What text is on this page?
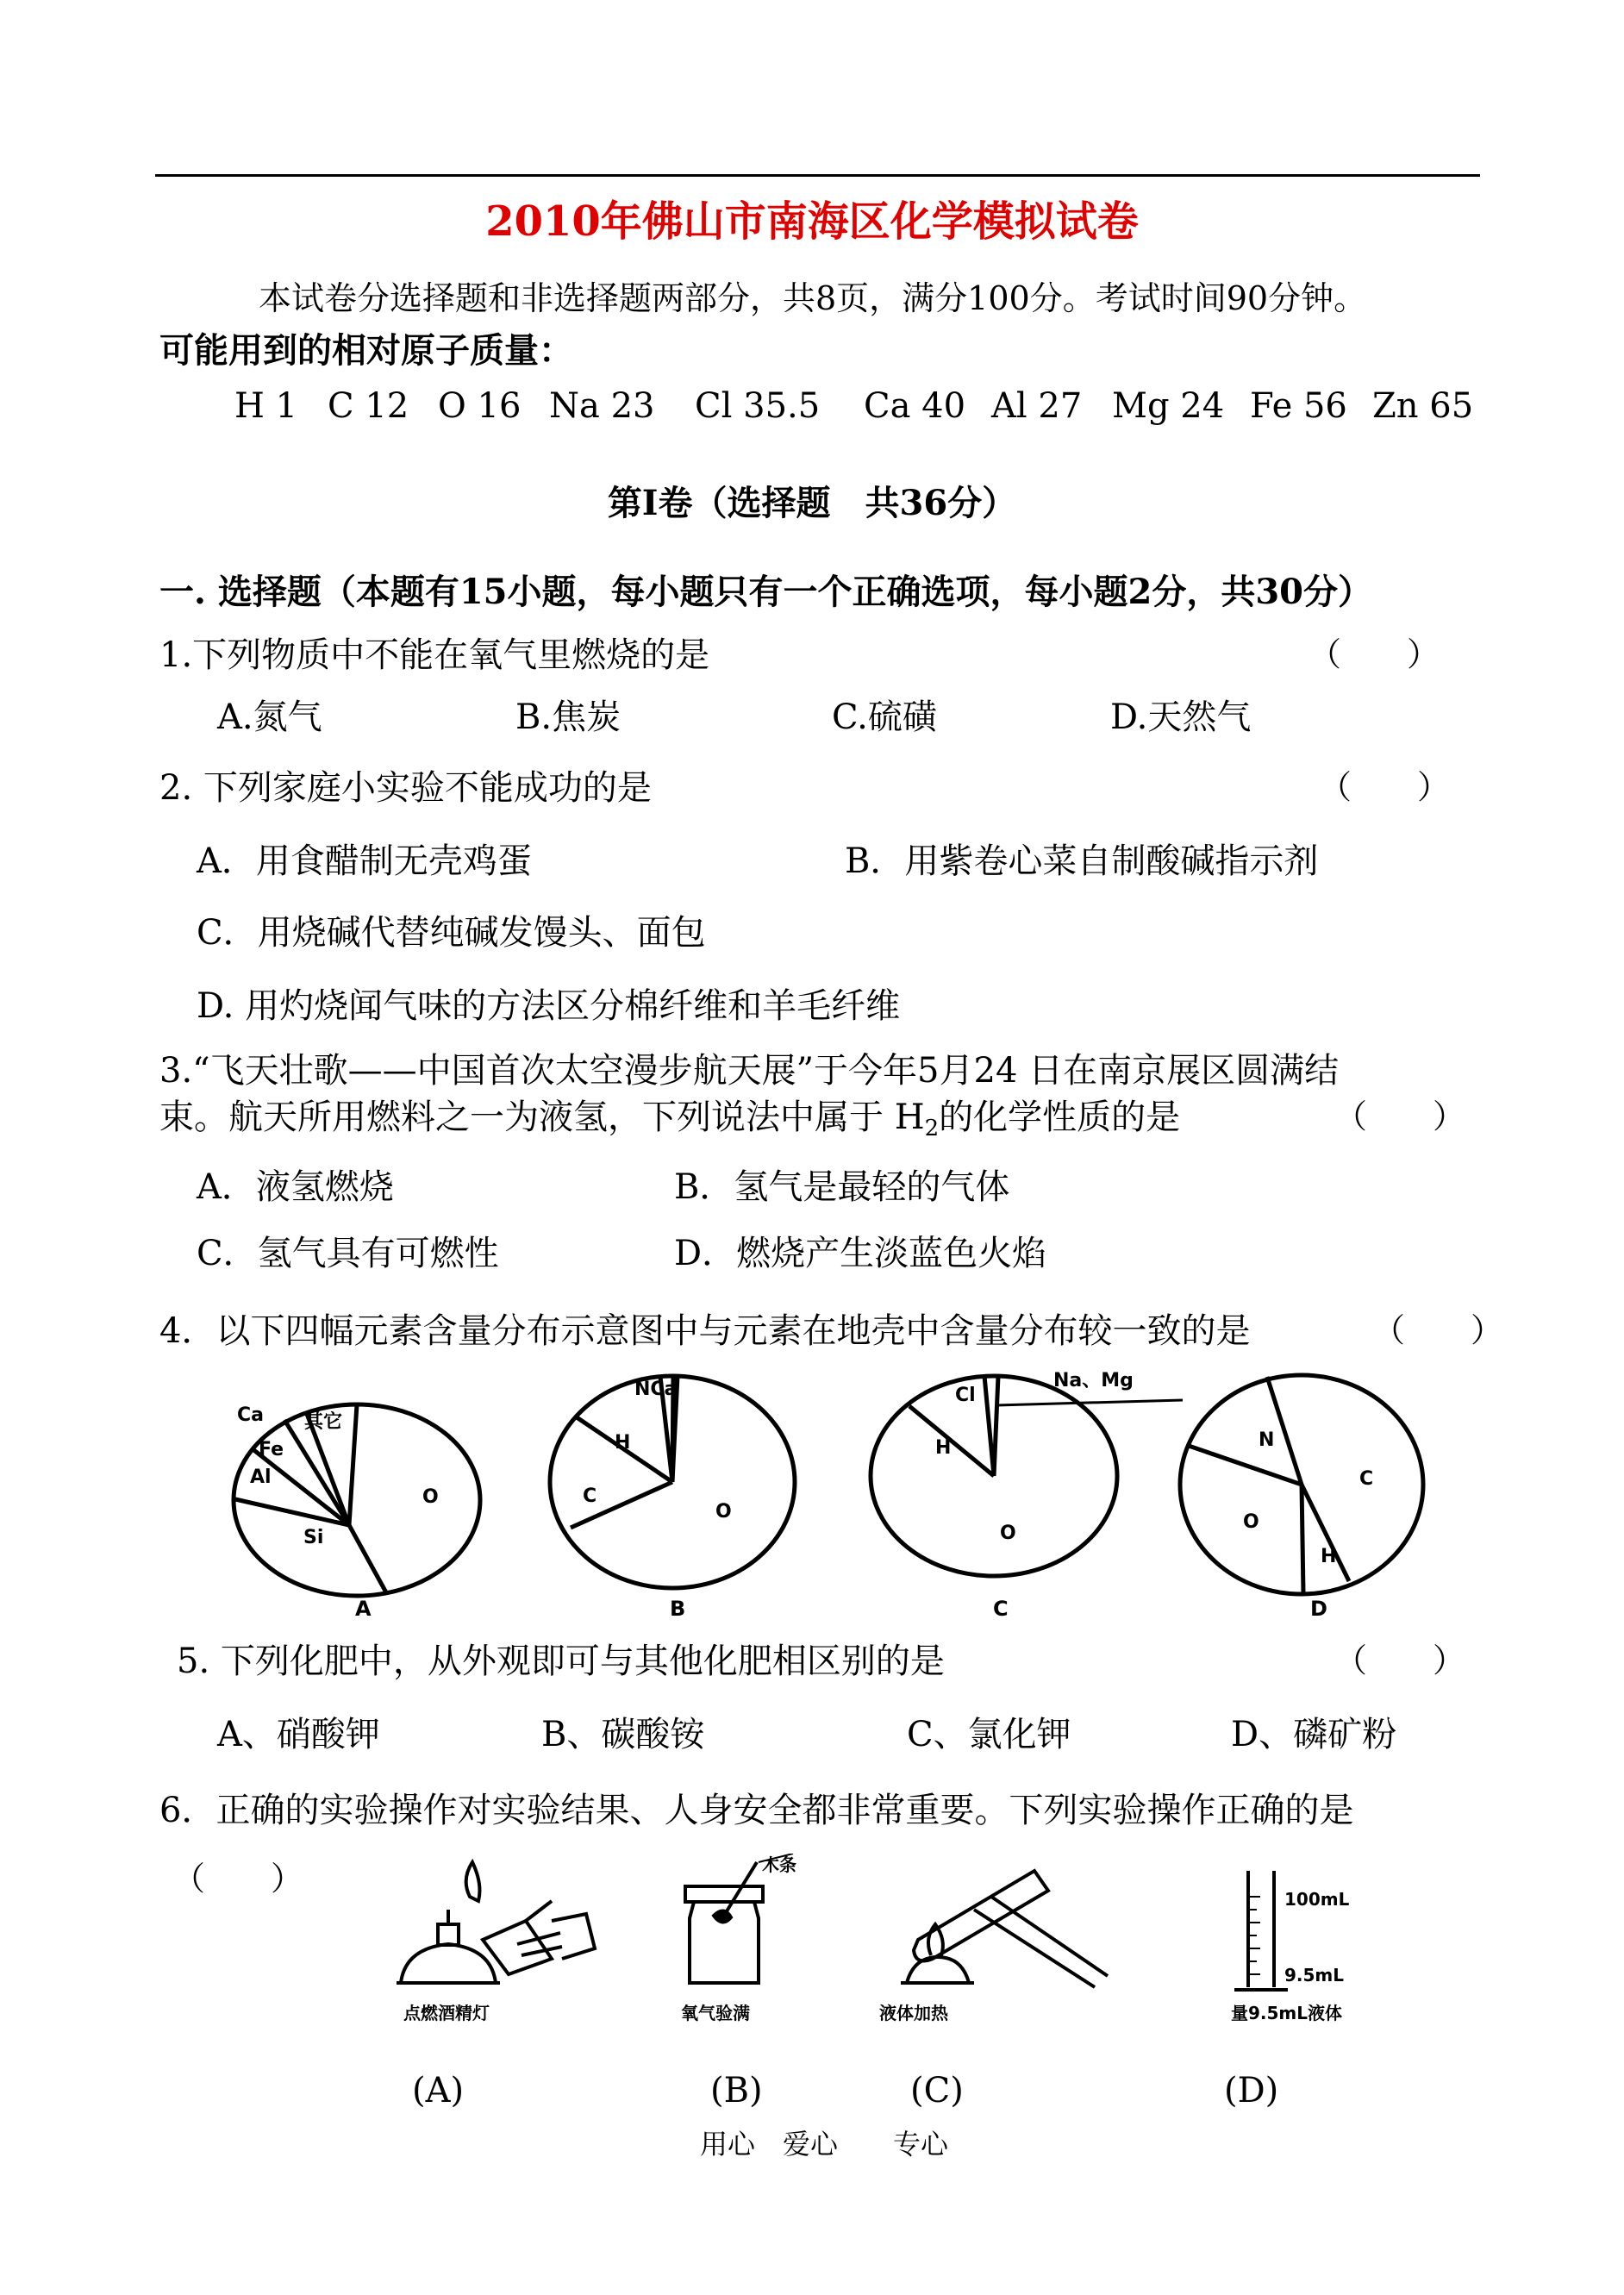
2010年佛山市南海区化学模拟试卷
本试卷分选择题和非选择题两部分，共8页，满分100分。考试时间90分钟。
可能用到的相对原子质量：
H 1 C 12 O 16 Na 23 Cl 35.5 Ca 40 Al 27 Mg 24 Fe 56 Zn 65
第I卷（选择题　共36分）
一. 选择题（本题有15小题，每小题只有一个正确选项，每小题2分，共30分）
1.下列物质中不能在氧气里燃烧的是	（　　）
A.氮气	B.焦炭	C.硫磺	D.天然气
2. 下列家庭小实验不能成功的是	（　　）
A．用食醋制无壳鸡蛋	B．用紫卷心菜自制酸碱指示剂
C．用烧碱代替纯碱发馒头、面包
D. 用灼烧闻气味的方法区分棉纤维和羊毛纤维
3.“飞天壮歌——中国首次太空漫步航天展”于今年5月24 日在南京展区圆满结
束。航天所用燃料之一为液氢，下列说法中属于 $H_2$的化学性质的是	（　　）
A．液氢燃烧	B．氢气是最轻的气体
C．氢气具有可燃性	D．燃烧产生淡蓝色火焰
4．以下四幅元素含量分布示意图中与元素在地壳中含量分布较一致的是	（　　）
Ca 其它
Fe
Al
Si
O
A
NCa
H
C
O
B
Cl
Na、Mg
H
O
C
N
C
O
H
D
5. 下列化肥中，从外观即可与其他化肥相区别的是	（　　）
A、硝酸钾	B、碳酸铵	C、氯化钾	D、磷矿粉
6．正确的实验操作对实验结果、人身安全都非常重要。下列实验操作正确的是
（　　）	木条
100mL
9.5mL
点燃酒精灯	氧气验满	液体加热	量9.5mL液体
(A)	(B)	(C)	(D)
用心　爱心　　专心
